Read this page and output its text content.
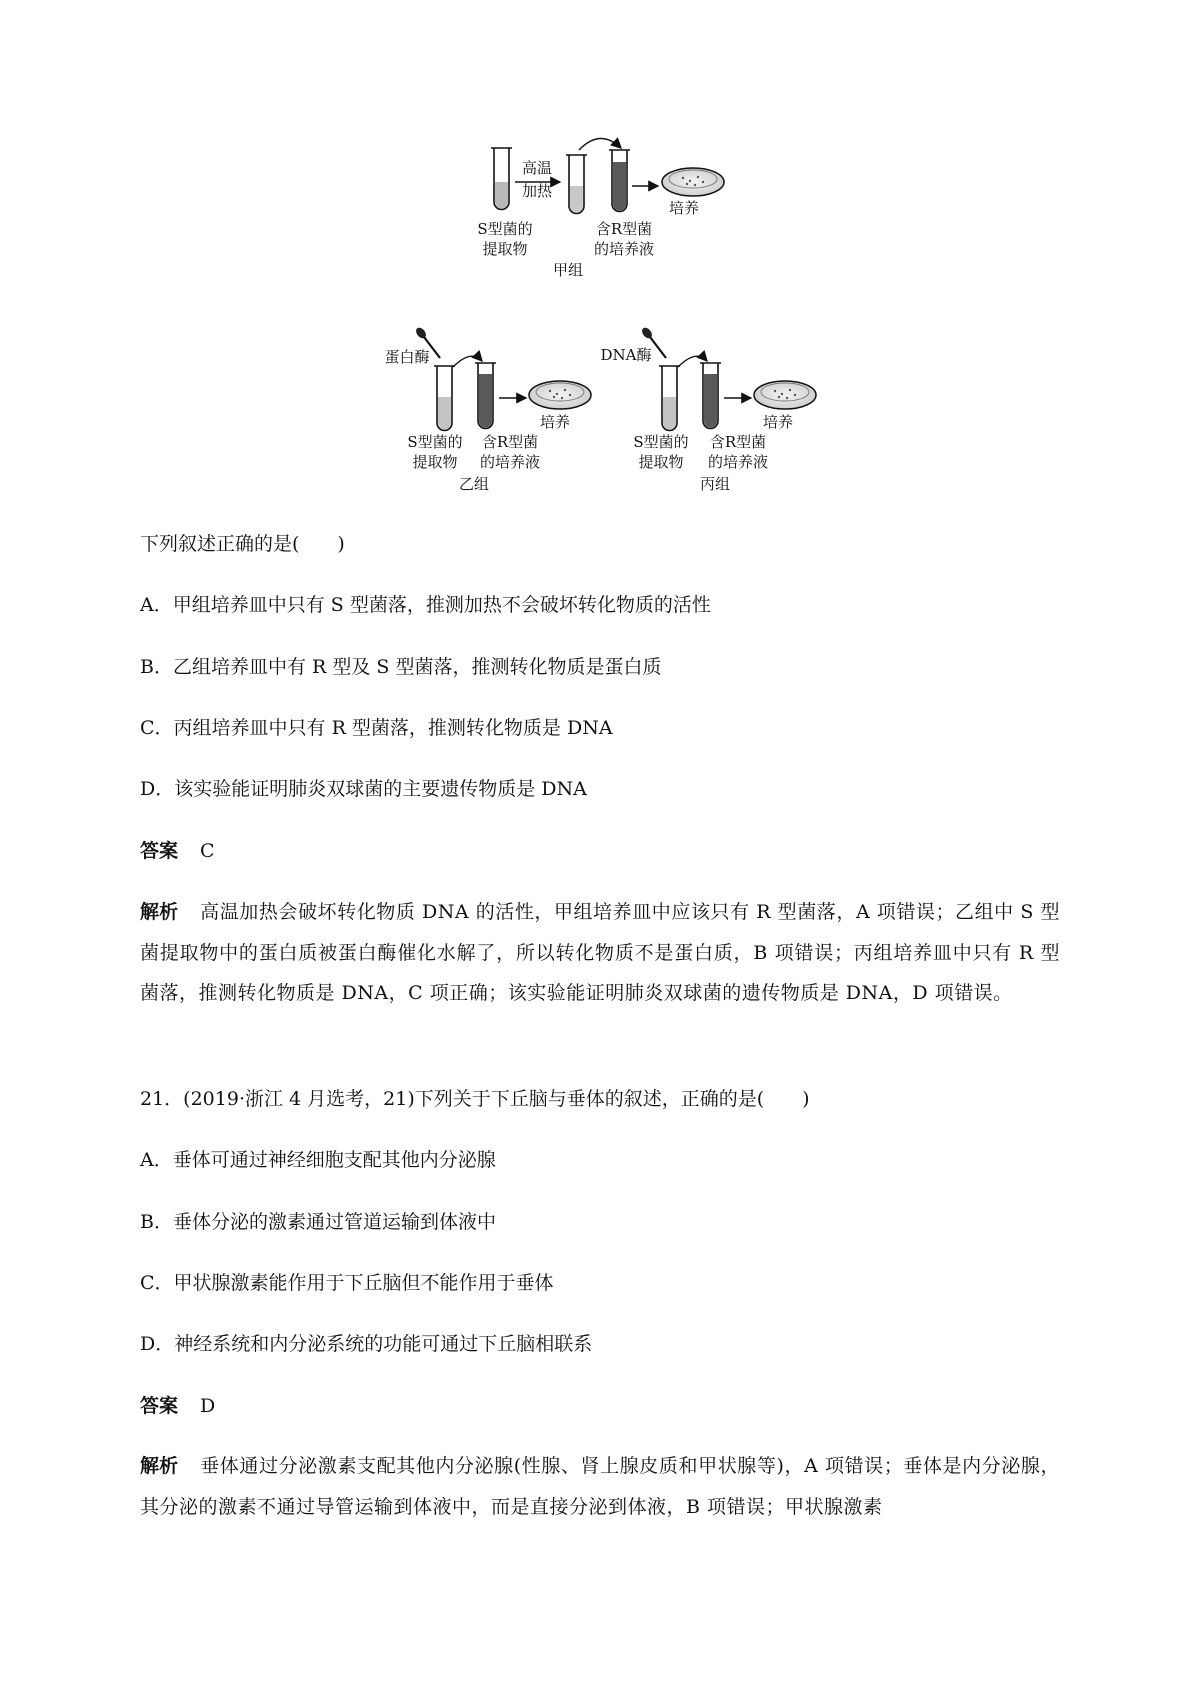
高温
加热
培养
S型菌的
提取物
含R型菌
的培养液
甲组
蛋白酶
培养
S型菌的
提取物
含R型菌
的培养液
乙组
DNA酶
培养
S型菌的
提取物
含R型菌
的培养液
丙组
下列叙述正确的是(　　)
A．甲组培养皿中只有 S 型菌落，推测加热不会破坏转化物质的活性
B．乙组培养皿中有 R 型及 S 型菌落，推测转化物质是蛋白质
C．丙组培养皿中只有 R 型菌落，推测转化物质是 DNA
D．该实验能证明肺炎双球菌的主要遗传物质是 DNA
答案 C
解析 高温加热会破坏转化物质 DNA 的活性，甲组培养皿中应该只有 R 型菌落，A 项错误；乙组中 S 型菌提取物中的蛋白质被蛋白酶催化水解了，所以转化物质不是蛋白质，B 项错误；丙组培养皿中只有 R 型菌落，推测转化物质是 DNA，C 项正确；该实验能证明肺炎双球菌的遗传物质是 DNA，D 项错误。
21．(2019·浙江 4 月选考，21)下列关于下丘脑与垂体的叙述，正确的是(　　)
A．垂体可通过神经细胞支配其他内分泌腺
B．垂体分泌的激素通过管道运输到体液中
C．甲状腺激素能作用于下丘脑但不能作用于垂体
D．神经系统和内分泌系统的功能可通过下丘脑相联系
答案 D
解析 垂体通过分泌激素支配其他内分泌腺(性腺、肾上腺皮质和甲状腺等)，A 项错误；垂体是内分泌腺，其分泌的激素不通过导管运输到体液中，而是直接分泌到体液，B 项错误；甲状腺激素
